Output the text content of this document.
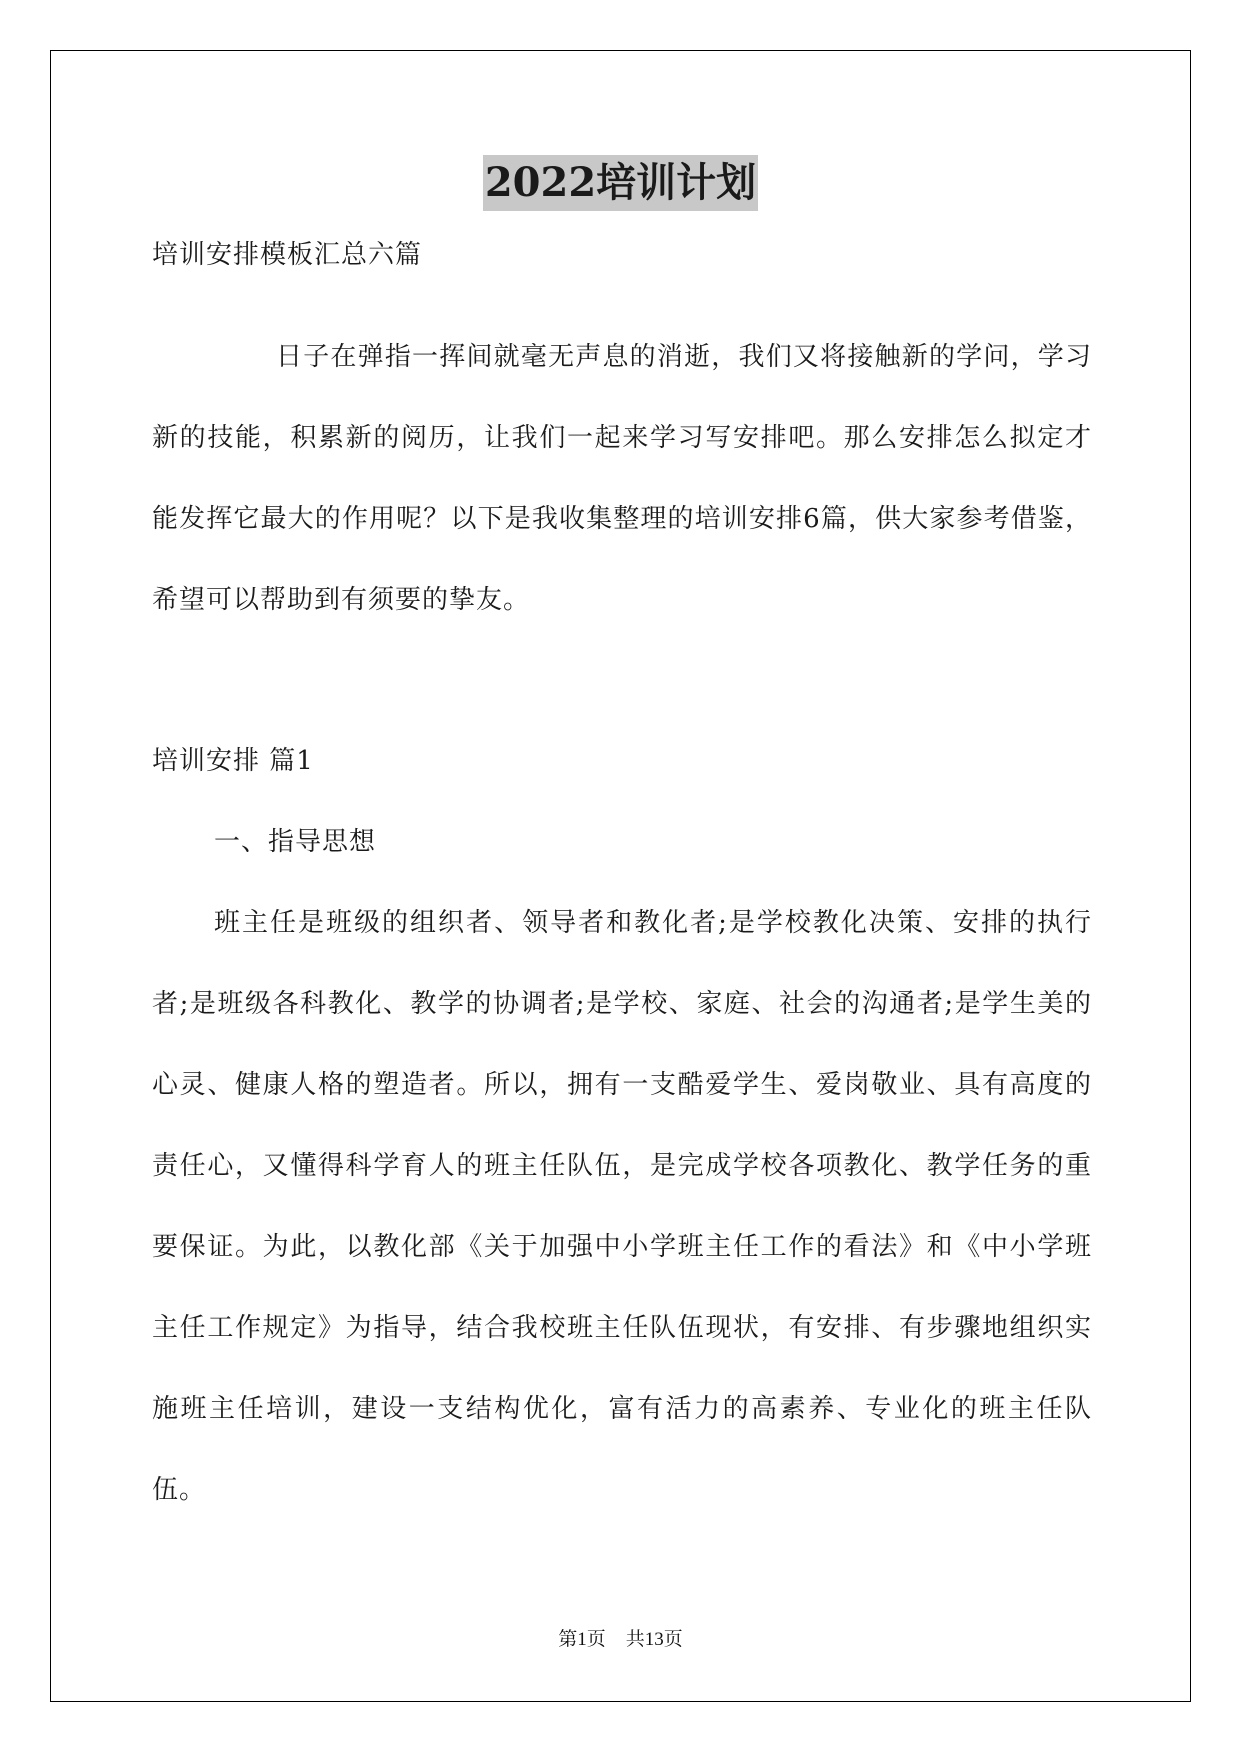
2022培训计划

培训安排模板汇总六篇

日子在弹指一挥间就毫无声息的消逝，我们又将接触新的学问，学习新的技能，积累新的阅历，让我们一起来学习写安排吧。那么安排怎么拟定才能发挥它最大的作用呢？以下是我收集整理的培训安排6篇，供大家参考借鉴，希望可以帮助到有须要的挚友。

培训安排 篇1

一、指导思想

班主任是班级的组织者、领导者和教化者;是学校教化决策、安排的执行者;是班级各科教化、教学的协调者;是学校、家庭、社会的沟通者;是学生美的心灵、健康人格的塑造者。所以，拥有一支酷爱学生、爱岗敬业、具有高度的责任心，又懂得科学育人的班主任队伍，是完成学校各项教化、教学任务的重要保证。为此，以教化部《关于加强中小学班主任工作的看法》和《中小学班主任工作规定》为指导，结合我校班主任队伍现状，有安排、有步骤地组织实施班主任培训，建设一支结构优化，富有活力的高素养、专业化的班主任队伍。

第1页 共13页
